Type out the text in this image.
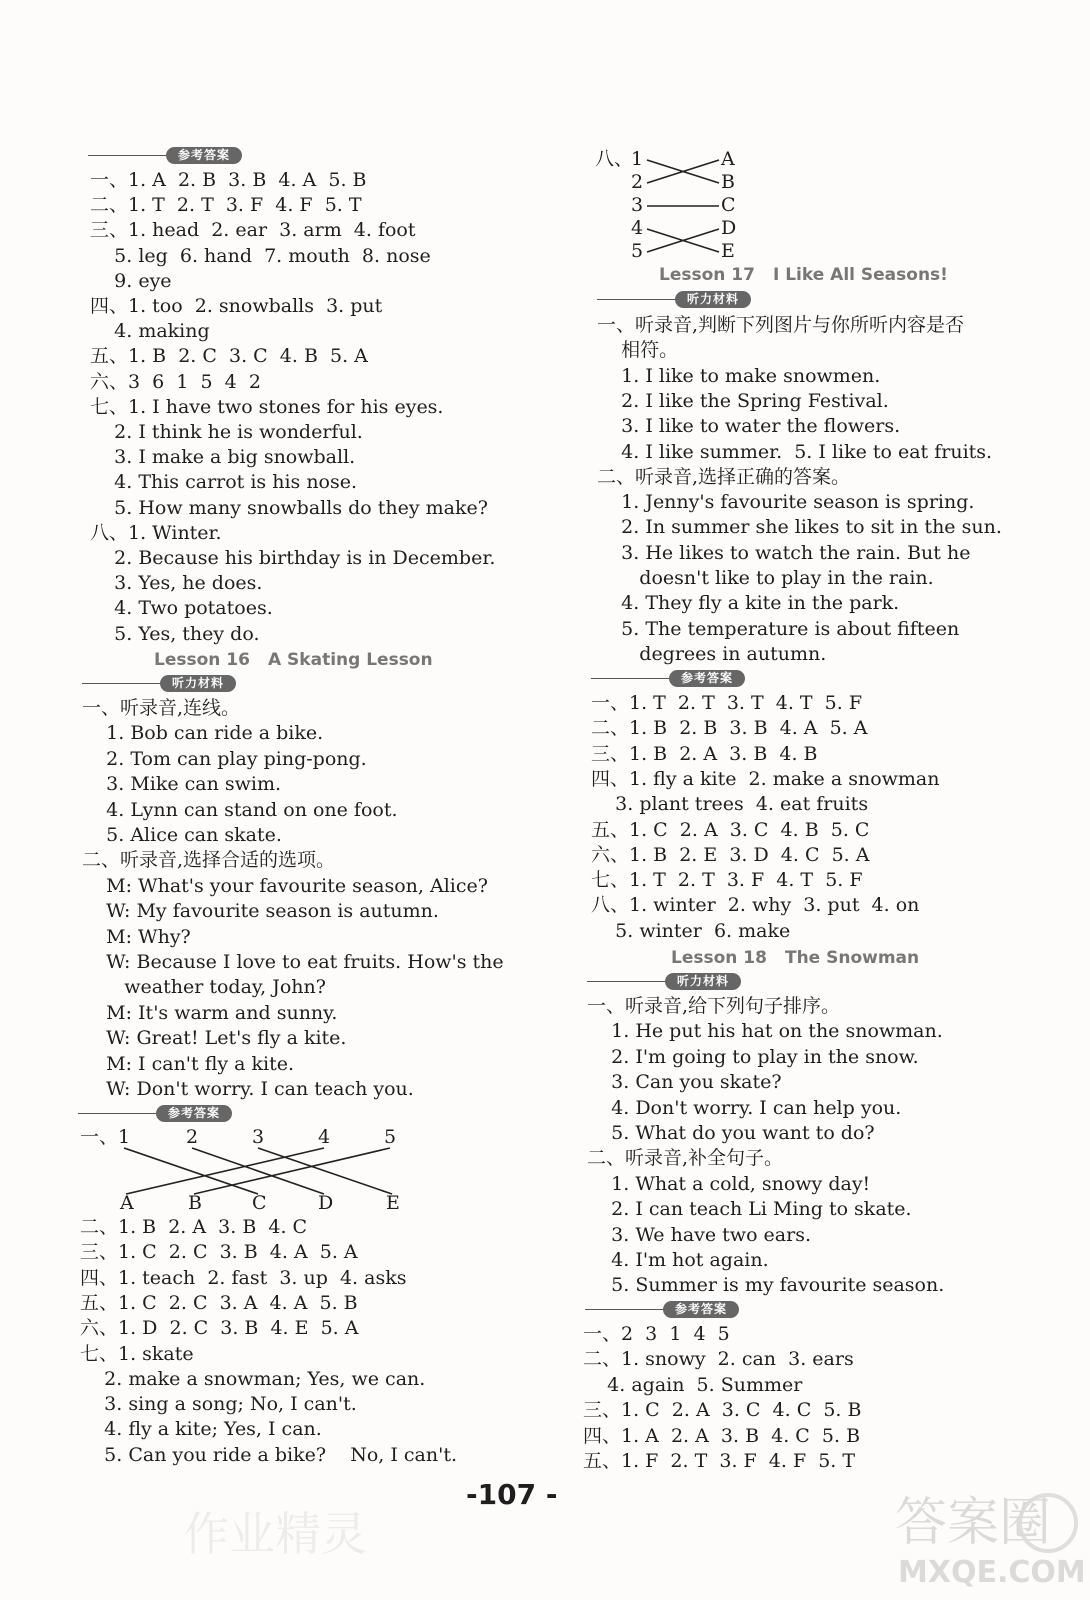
参考答案
一、1. A  2. B  3. B  4. A  5. B
二、1. T  2. T  3. F  4. F  5. T
三、1. head  2. ear  3. arm  4. foot
5. leg  6. hand  7. mouth  8. nose
9. eye
四、1. too  2. snowballs  3. put
4. making
五、1. B  2. C  3. C  4. B  5. A
六、3  6  1  5  4  2
七、1. I have two stones for his eyes.
2. I think he is wonderful.
3. I make a big snowball.
4. This carrot is his nose.
5. How many snowballs do they make?
八、1. Winter.
2. Because his birthday is in December.
3. Yes, he does.
4. Two potatoes.
5. Yes, they do.
Lesson 16 A Skating Lesson
听力材料
一、听录音,连线。
1. Bob can ride a bike.
2. Tom can play ping-pong.
3. Mike can swim.
4. Lynn can stand on one foot.
5. Alice can skate.
二、听录音,选择合适的选项。
M: What's your favourite season, Alice?
W: My favourite season is autumn.
M: Why?
W: Because I love to eat fruits. How's the
weather today, John?
M: It's warm and sunny.
W: Great! Let's fly a kite.
M: I can't fly a kite.
W: Don't worry. I can teach you.
参考答案
一、 1	2	3	4	5
A	B	C	D	E
二、1. B  2. A  3. B  4. C
三、1. C  2. C  3. B  4. A  5. A
四、1. teach  2. fast  3. up  4. asks
五、1. C  2. C  3. A  4. A  5. B
六、1. D  2. C  3. B  4. E  5. A
七、1. skate
2. make a snowman; Yes, we can.
3. sing a song; No, I can't.
4. fly a kite; Yes, I can.
5. Can you ride a bike?    No, I can't.
八、
1
2
3
4
5
A
B
C
D
E
Lesson 17 I Like All Seasons!
听力材料
一、听录音,判断下列图片与你所听内容是否
相符。
1. I like to make snowmen.
2. I like the Spring Festival.
3. I like to water the flowers.
4. I like summer.  5. I like to eat fruits.
二、听录音,选择正确的答案。
1. Jenny's favourite season is spring.
2. In summer she likes to sit in the sun.
3. He likes to watch the rain. But he
doesn't like to play in the rain.
4. They fly a kite in the park.
5. The temperature is about fifteen
degrees in autumn.
参考答案
一、1. T  2. T  3. T  4. T  5. F
二、1. B  2. B  3. B  4. A  5. A
三、1. B  2. A  3. B  4. B
四、1. fly a kite  2. make a snowman
3. plant trees  4. eat fruits
五、1. C  2. A  3. C  4. B  5. C
六、1. B  2. E  3. D  4. C  5. A
七、1. T  2. T  3. F  4. T  5. F
八、1. winter  2. why  3. put  4. on
5. winter  6. make
Lesson 18 The Snowman
听力材料
一、听录音,给下列句子排序。
1. He put his hat on the snowman.
2. I'm going to play in the snow.
3. Can you skate?
4. Don't worry. I can help you.
5. What do you want to do?
二、听录音,补全句子。
1. What a cold, snowy day!
2. I can teach Li Ming to skate.
3. We have two ears.
4. I'm hot again.
5. Summer is my favourite season.
参考答案
一、2  3  1  4  5
二、1. snowy  2. can  3. ears
4. again  5. Summer
三、1. C  2. A  3. C  4. C  5. B
四、1. A  2. A  3. B  4. C  5. B
五、1. F  2. T  3. F  4. F  5. T
-107 -
作业精灵	答案圈
MXQE.COM
